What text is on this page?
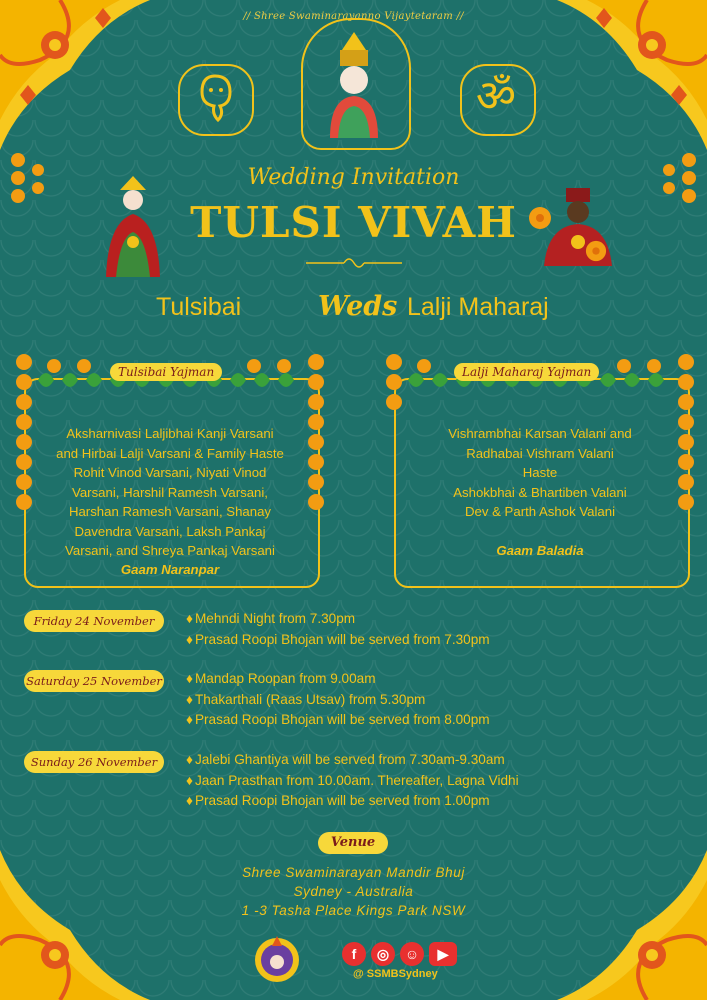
// Shree Swaminarayanno Vijaytetaram //
ॐ
Wedding Invitation
TULSI VIVAH
Tulsibai	Weds Lalji Maharaj
Tulsibai Yajman
Aksharnivasi Laljibhai Kanji Varsani
and Hirbai Lalji Varsani & Family Haste
Rohit Vinod Varsani, Niyati Vinod
Varsani, Harshil Ramesh Varsani,
Harshan Ramesh Varsani, Shanay
Davendra Varsani, Laksh Pankaj
Varsani, and Shreya Pankaj Varsani
Gaam Naranpar
Lalji Maharaj Yajman
Vishrambhai Karsan Valani and
Radhabai Vishram Valani
Haste
Ashokbhai & Bhartiben Valani
Dev & Parth Ashok Valani
Gaam Baladia
Friday 24 November	♦ Mehndi Night from 7.30pm
♦ Prasad Roopi Bhojan will be served from 7.30pm
Saturday 25 November	♦ Mandap Roopan from 9.00am
♦ Thakarthali (Raas Utsav) from 5.30pm
♦ Prasad Roopi Bhojan will be served from 8.00pm
Sunday 26 November	♦ Jalebi Ghantiya will be served from 7.30am-9.30am
♦ Jaan Prasthan from 10.00am. Thereafter, Lagna Vidhi
♦ Prasad Roopi Bhojan will be served from 1.00pm
Venue
Shree Swaminarayan Mandir Bhuj
Sydney - Australia
1 -3 Tasha Place Kings Park NSW
f	◎	☺	▶
@ SSMBSydney
